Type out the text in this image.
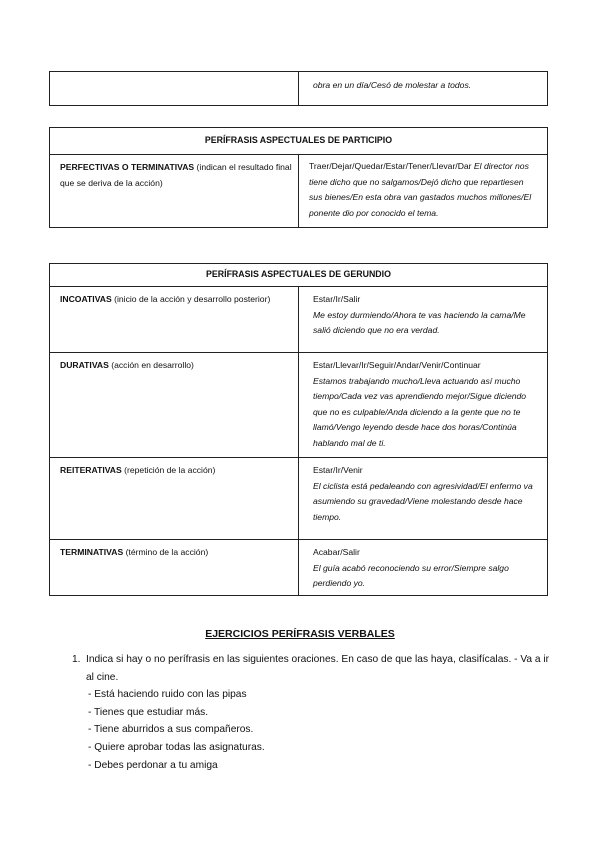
	obra en un día/Cesó de molestar a todos.
PERÍFRASIS ASPECTUALES DE PARTICIPIO
PERFECTIVAS O TERMINATIVAS (indican el resultado final que se deriva de la acción)	Traer/Dejar/Quedar/Estar/Tener/Llevar/Dar El director nos tiene dicho que no salgamos/Dejó dicho que repartiesen sus bienes/En esta obra van gastados muchos millones/El ponente dio por conocido el tema.
PERÍFRASIS ASPECTUALES DE GERUNDIO	
INCOATIVAS (inicio de la acción y desarrollo posterior)	Estar/Ir/Salir
Me estoy durmiendo/Ahora te vas haciendo la cama/Me salió diciendo que no era verdad.
DURATIVAS (acción en desarrollo)	Estar/Llevar/Ir/Seguir/Andar/Venir/Continuar
Estamos trabajando mucho/Lleva actuando así mucho tiempo/Cada vez vas aprendiendo mejor/Sigue diciendo que no es culpable/Anda diciendo a la gente que no te llamó/Vengo leyendo desde hace dos horas/Continúa hablando mal de ti.
REITERATIVAS (repetición de la acción)	Estar/Ir/Venir
El ciclista está pedaleando con agresividad/El enfermo va asumiendo su gravedad/Viene molestando desde hace tiempo.
TERMINATIVAS (término de la acción)	Acabar/Salir
El guía acabó reconociendo su error/Siempre salgo perdiendo yo.
EJERCICIOS PERÍFRASIS VERBALES
1. Indica si hay o no perífrasis en las siguientes oraciones. En caso de que las haya, clasifícalas. - Va a ir al cine.
- Está haciendo ruido con las pipas
- Tienes que estudiar más.
- Tiene aburridos a sus compañeros.
- Quiere aprobar todas las asignaturas.
- Debes perdonar a tu amiga
